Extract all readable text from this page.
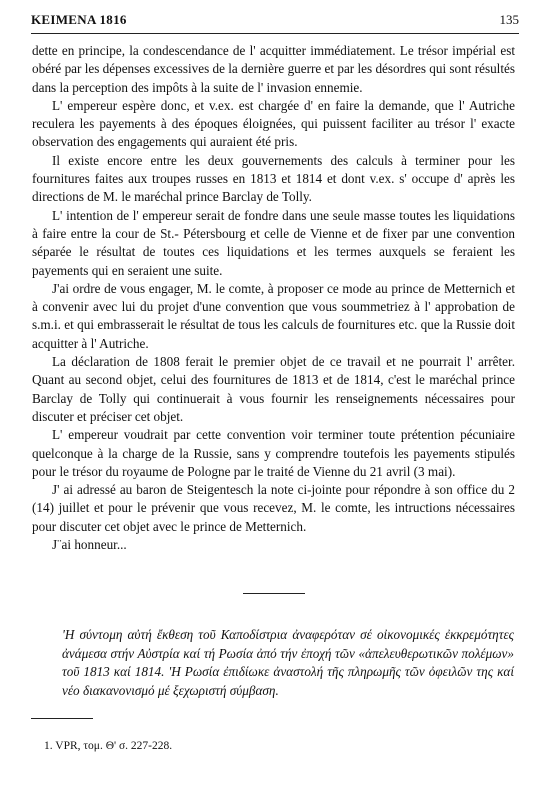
KEIMENA 1816	135

dette en principe, la condescendance de l' acquitter immédiatement. Le trésor impérial est obéré par les dépenses excessives de la dernière guerre et par les désordres qui sont résultés dans la perception des impôts à la suite de l' invasion ennemie.

L' empereur espère donc, et v.ex. est chargée d' en faire la demande, que l' Autriche reculera les payements à des époques éloignées, qui puissent faciliter au trésor l' exacte observation des engagements qui auraient été pris.

Il existe encore entre les deux gouvernements des calculs à terminer pour les fournitures faites aux troupes russes en 1813 et 1814 et dont v.ex. s' occupe d' après les directions de M. le maréchal prince Barclay de Tolly.

L' intention de l' empereur serait de fondre dans une seule masse toutes les liquidations à faire entre la cour de St.- Pétersbourg et celle de Vienne et de fixer par une convention séparée le résultat de toutes ces liquidations et les termes auxquels se feraient les payements qui en seraient une suite.

J'ai ordre de vous engager, M. le comte, à proposer ce mode au prince de Metternich et à convenir avec lui du projet d'une convention que vous soummetriez à l' approbation de s.m.i. et qui embrasserait le résultat de tous les calculs de fournitures etc. que la Russie doit acquitter à l' Autriche.

La déclaration de 1808 ferait le premier objet de ce travail et ne pourrait l' arrêter. Quant au second objet, celui des fournitures de 1813 et de 1814, c'est le maréchal prince Barclay de Tolly qui continuerait à vous fournir les renseignements nécessaires pour discuter et préciser cet objet.

L' empereur voudrait par cette convention voir terminer toute prétention pécuniaire quelconque à la charge de la Russie, sans y comprendre toutefois les payements stipulés pour le trésor du royaume de Pologne par le traité de Vienne du 21 avril (3 mai).

J' ai adressé au baron de Steigentesch la note ci-jointe pour répondre à son office du 2 (14) juillet et pour le prévenir que vous recevez, M. le comte, les intructions nécessaires pour discuter cet objet avec le prince de Metternich.

J¨ai honneur...

'Η σύντομη αὐτή ἔκθεση τοῦ Καποδίστρια ἀναφερόταν σέ οἰκονομικές ἐκκρεμότητες ἀνάμεσα στήν Αὐστρία καί τή Ρωσία ἀπό τήν ἐποχή τῶν «ἀπελευθερωτικῶν πολέμων» τοῦ 1813 καί 1814. 'Η Ρωσία ἐπιδίωκε ἀναστολή τῆς πληρωμῆς τῶν ὀφειλῶν της καί νέο διακανονισμό μέ ξεχωριστή σύμβαση.
1. VPR, τομ. Θ' σ. 227-228.
